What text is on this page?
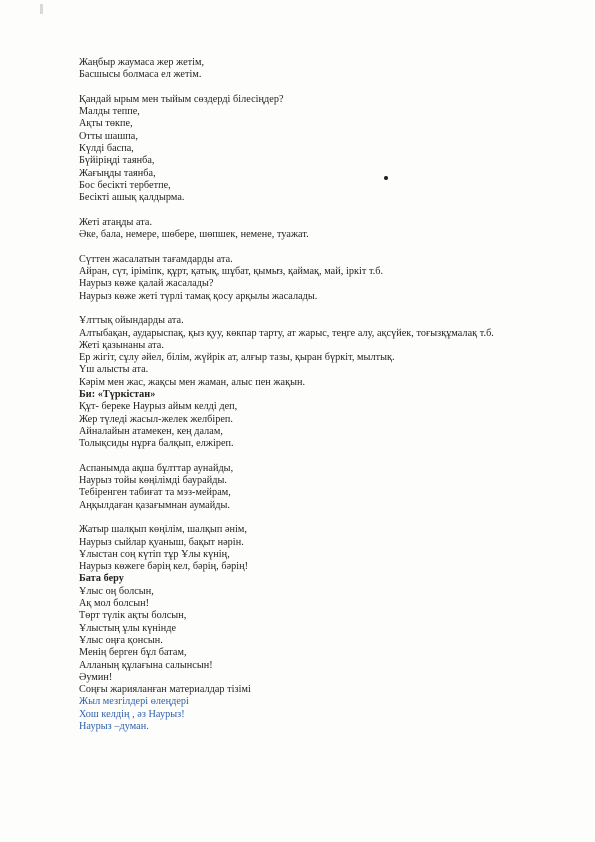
Жаңбыр жаумаса жер жетім,
Басшысы болмаса ел жетім.
Қандай ырым мен тыйым сөздерді білесіңдер?
Малды теппе,
Ақты төкпе,
Отты шашпа,
Күлді баспа,
Бүйіріңді таянба,
Жағыңды таянба,
Бос бесікті тербетпе,
Бесікті ашық қалдырма.
Жеті атаңды ата.
Әке, бала, немере, шөбере, шөпшек, немене, туажат.
Сүттен жасалатын тағамдарды ата.
Айран, сүт, іріміпк, құрт, қатық, шұбат, қымыз, қаймақ, май, іркіт т.б.
Наурыз көже қалай жасалады?
Наурыз көже жеті түрлі тамақ қосу арқылы жасалады.
Ұлттық ойындарды ата.
Алтыбақан, аударыспақ, қыз қуу, көкпар тарту, ат жарыс, теңге алу, ақсүйек, тоғызқұмалақ т.б.
Жеті қазынаны ата.
Ер жігіт, сұлу әйел, білім, жүйрік ат, алғыр тазы, қыран бүркіт, мылтық.
Үш алысты ата.
Кәрім мен жас, жақсы мен жаман, алыс пен жақын.
Би: «Түркістан»
Құт- береке Наурыз айым келді деп,
Жер түледі жасыл-желек желбіреп.
Айналайын атамекен, кең далам,
Толықсиды нұрға балқып, елжіреп.
Аспанымда ақша бұлттар аунайды,
Наурыз тойы көңілімді баурайды.
Тебіренген табиғат та мэз-мейрам,
Аңқылдаған қазағымнан аумайды.
Жатыр шалқып көңілім, шалқып әнім,
Наурыз сыйлар қуаныш, бақыт нәрін.
Ұлыстан соң күтіп тұр Ұлы күнің,
Наурыз көжеге бәрің кел, бәрің, бәрің!
Бата беру
Ұлыс оң болсын,
Ақ мол болсын!
Төрт түлік ақты болсын,
Ұлыстың ұлы күнінде
Ұлыс оңға қонсын.
Менің берген бұл батам,
Алланың құлағына салынсын!
Әумин!
Соңғы жарияланған материалдар тізімі
Жыл мезгілдері өлеңдері
Хош келдің , әз Наурыз!
Наурыз –думан.
